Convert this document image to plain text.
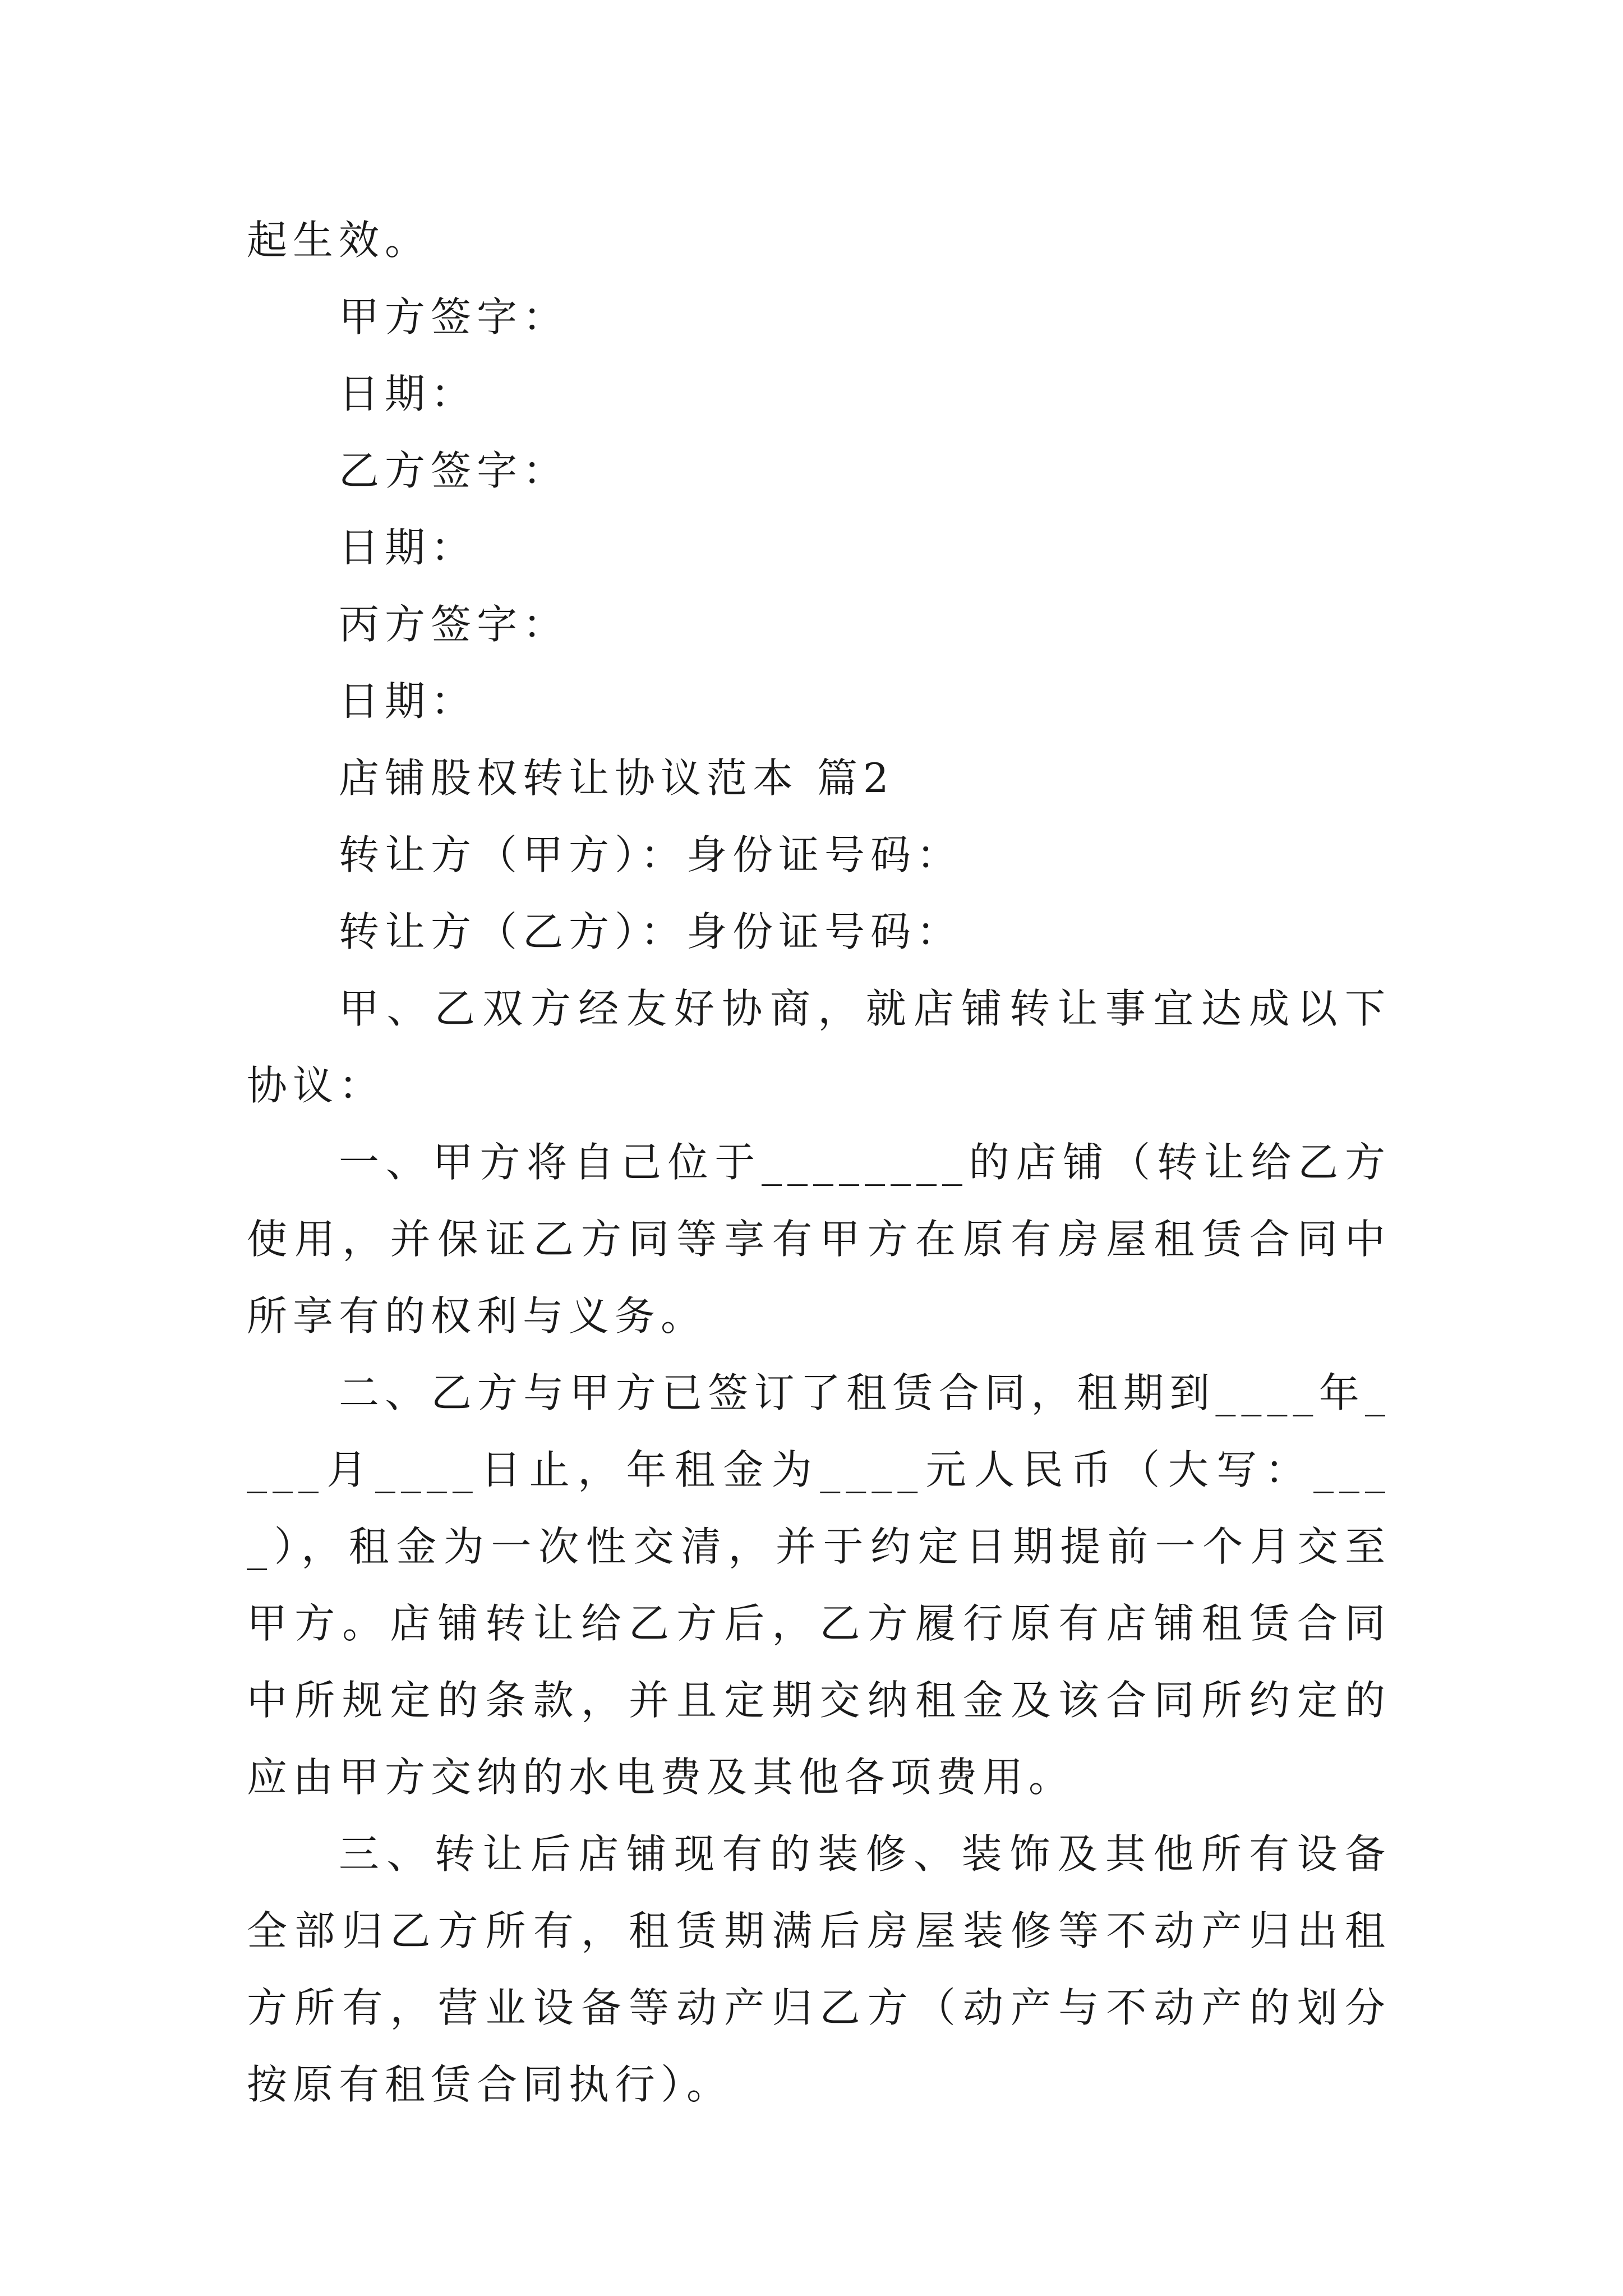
起生效。
甲方签字：
日期：
乙方签字：
日期：
丙方签字：
日期：
店铺股权转让协议范本 篇2
转让方（甲方）：身份证号码：
转让方（乙方）：身份证号码：

甲、乙双方经友好协商，就店铺转让事宜达成以下协议：

一、甲方将自己位于________的店铺（转让给乙方使用，并保证乙方同等享有甲方在原有房屋租赁合同中所享有的权利与义务。

二、乙方与甲方已签订了租赁合同，租期到____年____月____日止，年租金为____元人民币（大写：____），租金为一次性交清，并于约定日期提前一个月交至甲方。店铺转让给乙方后，乙方履行原有店铺租赁合同中所规定的条款，并且定期交纳租金及该合同所约定的应由甲方交纳的水电费及其他各项费用。

三、转让后店铺现有的装修、装饰及其他所有设备全部归乙方所有，租赁期满后房屋装修等不动产归出租方所有，营业设备等动产归乙方（动产与不动产的划分按原有租赁合同执行）。
